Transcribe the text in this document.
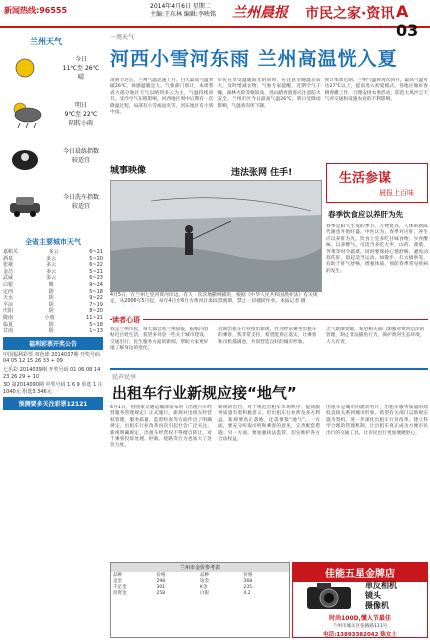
新闻热线:96555	2014年4月6日 星期二
主编:王东林 编辑:李映铭 兰州晨报 市民之家·资讯 A 03
兰州天气
今日
11℃至 26℃
晴
明日
9℃至 22℃
阴转小雨
今日晨练指数
较适宜
今日洗车指数
较适宜
全省主要城市天气
嘉峪关	多云	6~21
酒泉	多云	5~20
张掖	多云	6~22
金昌	多云	5~21
武威	多云	6~23
白银	晴	9~24
定西	阴	5~18
天水	阴	9~22
平凉	阴	7~19
庆阳	阴	8~20
陇南	小雨	11~21
临夏	阴	5~18
甘南	阴	1~13
福利彩票开奖公告
中国福利彩票 双色球 2014037期 开奖号码 04 05 12 15 26 33 + 09
七乐彩 2014039期 开奖号码 01 06 08 14 23 26 29 + 10
3D 第2014090期 中奖号码 1 6 9 单选 1 注 1040元 组选3 346元
预测要多关注彩票12121
一周天气
河西小雪河东雨 兰州高温恍入夏
清明节过后，兰州气温迅速上升，白天最高气温突破26℃，体感温暖宜人。气象部门预计，本周我省大部分地区天气以晴到多云为主，气温持续回升。受冷空气东移影响，河西地区周中后期有一次降温过程，局部有小雪或雨夹雪，河东地区有小到中雨。
市民在享受温暖阳光的同时，应注意早晚温差较大，及时增减衣物。气象专家提醒，近期空气干燥，森林火险等级较高，进山踏青游客应注意防火安全。兰州市区今日最高气温26℃，明日受降雨影响，气温将有所下降。
预计本周后期，兰州气温将再次回升，最高气温可达27℃以上，提前进入初夏模式。各地应做好春耕春播工作，合理安排农事活动，防范大风沙尘天气对交通和设施农业的不利影响。
城事映像	违法张网 住手!
4月5日，在兰州七里河黄河岸边，有人一次次地撒网捕鱼，根据《中华人民共和国渔业法》有关规定，从2006年5月起，每年4月至6月为黄河甘肃段禁渔期，禁止一切捕捞作业。本报记者 摄
生活参谋
晨报上百味
春季饮食应以养肝为先
春季是阳气生发的季节，万物复苏，人体的新陈代谢也开始旺盛。中医认为，春季对应肝，养生应以养肝为先。饮食上宜多吃甘味食物，少食酸味，以养脾气。可适当多吃大枣、山药、菠菜、荠菜等时令蔬菜。同时要保持心情舒畅，避免动怒伤肝。晨起适当运动，如散步、打太极拳等，有助于肝气舒畅，增强体质，预防春季常见疾病的发生。
读者心语
我是兰州市民，每天都会看兰州晨报，报纸内容贴近百姓生活，希望多刊登一些关于城市建设、交通出行、民生服务方面的新闻，帮助大家更好地了解身边的变化。
近期出租车行业推出新规，作为经常乘坐出租车的乘客，我非常支持，希望能真正落实，让乘客和司机都满意，共同营造良好的城市形象。
天气逐渐变暖，希望相关部门加强对黄河沿岸的管理，制止非法捕鱼行为，保护黄河生态环境，人人有责。
民声民享
出租车行业新规应接“地气”
4月1日，由国家交通运输部发布的《出租汽车经营服务管理规定》正式施行。新规对出租车经营权管理、服务质量、监督检查等方面作出了明确规定，出租车行业改革再次引起社会广泛关注。新规明确规定，出租车经营权不得擅自转让，对于乘客投诉处理、拒载、绕路等行为也加大了处罚力度。
新规的出台，对于规范出租车市场秩序、提高服务质量有着积极意义。但出租车行业涉及多方利益，新规要真正落地，还需要接“地气”。一方面，要充分听取司机和乘客的意见，完善配套措施；另一方面，要加强执法监管，切实维护各方合法权益。
出租车是城市的流动名片，出租车服务质量的高低直接关系到城市形象。希望有关部门以新规实施为契机，进一步深化出租车行业改革，建立科学合理的管理机制，让出租车真正成为方便市民出行的交通工具，让市民出行更加便捷舒心。
兰州市金价参考表
品种	价格	品种	价格
足金	298	铂金	368
千足金	301	K金	235
投资金	258	白银	4.2
佳能五星金牌店
单反相机
镜头
摄像机
时尚100D,懂人节最佳
兰州市城关区张掖路111号
电话:13893382042 陈女士
